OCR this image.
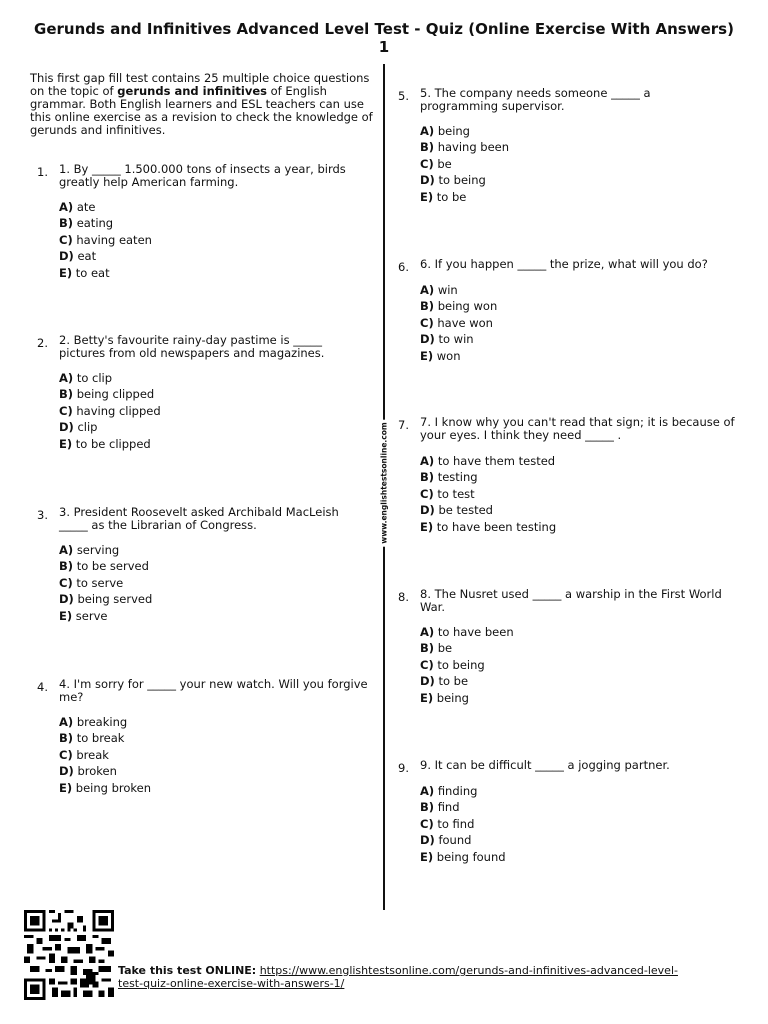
Gerunds and Infinitives Advanced Level Test - Quiz (Online Exercise With Answers)
1
www.englishtestsonline.com
This first gap fill test contains 25 multiple choice questions on the topic of gerunds and infinitives of English grammar. Both English learners and ESL teachers can use this online exercise as a revision to check the knowledge of gerunds and infinitives.
1. 1. By _____ 1.500.000 tons of insects a year, birds greatly help American farming.
A) ate
B) eating
C) having eaten
D) eat
E) to eat
2. 2. Betty's favourite rainy-day pastime is _____ pictures from old newspapers and magazines.
A) to clip
B) being clipped
C) having clipped
D) clip
E) to be clipped
3. 3. President Roosevelt asked Archibald MacLeish _____ as the Librarian of Congress.
A) serving
B) to be served
C) to serve
D) being served
E) serve
4. 4. I'm sorry for _____ your new watch. Will you forgive me?
A) breaking
B) to break
C) break
D) broken
E) being broken
5. 5. The company needs someone _____ a programming supervisor.
A) being
B) having been
C) be
D) to being
E) to be
6. 6. If you happen _____ the prize, what will you do?
A) win
B) being won
C) have won
D) to win
E) won
7. 7. I know why you can't read that sign; it is because of your eyes. I think they need _____ .
A) to have them tested
B) testing
C) to test
D) be tested
E) to have been testing
8. 8. The Nusret used _____ a warship in the First World War.
A) to have been
B) be
C) to being
D) to be
E) being
9. 9. It can be difficult _____ a jogging partner.
A) finding
B) find
C) to find
D) found
E) being found
Take this test ONLINE: https://www.englishtestsonline.com/gerunds-and-infinitives-advanced-level-test-quiz-online-exercise-with-answers-1/
